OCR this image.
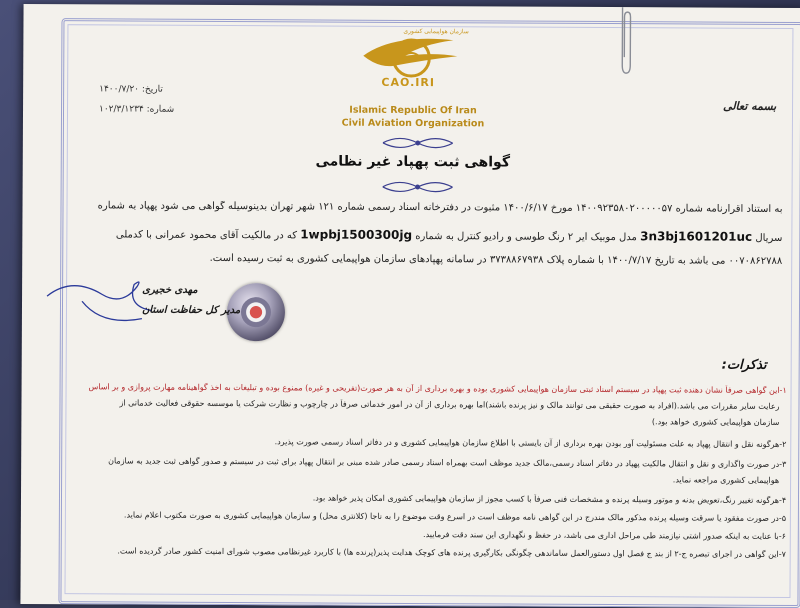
CAO.IRI
سازمان هواپیمایی کشوری
Islamic Republic Of Iran
Civil Aviation Organization
تاریخ: ۱۴۰۰/۷/۲۰
شماره: ۱۰۲/۳/۱۲۳۴	بسمه تعالی
گواهی ثبت پهپاد غیر نظامی
به استناد اقرارنامه شماره ۱۴۰۰۹۲۳۵۸۰۲۰۰۰۰۰۵۷ مورخ ۱۴۰۰/۶/۱۷ مثبوت در دفترخانه اسناد رسمی شماره ۱۲۱ شهر تهران بدینوسیله گواهی می شود پهپاد به شماره
سریال 3n3bj1601201uc مدل موبیک ایر ۲ رنگ طوسی و رادیو کنترل به شماره 1wpbj1500300jg که در مالکیت آقای محمود عمرانی با کدملی
۰۰۷۰۸۶۲۷۸۸ می باشد به تاریخ ۱۴۰۰/۷/۱۷ با شماره پلاک ۳۷۳۸۸۶۷۹۳۸ در سامانه پهپادهای سازمان هواپیمایی کشوری به ثبت رسیده است.
مهدی خجیری
مدیر کل حفاظت استان
تذکرات:
۱-این گواهی صرفاً نشان دهنده ثبت پهپاد در سیستم اسناد ثبتی سازمان هواپیمایی کشوری بوده و بهره برداری از آن به هر صورت(تفریحی و غیره) ممنوع بوده و تبلیغات به اخذ گواهینامه مهارت پروازی و بر اساس
رعایت سایر مقررات می باشد.(افراد به صورت حقیقی می توانند مالک و نیز پرنده باشند)اما بهره برداری از آن در امور خدماتی صرفاً در چارچوب و نظارت شرکت یا موسسه حقوقی فعالیت خدماتی از
سازمان هواپیمایی کشوری خواهد بود.)
۲-هرگونه نقل و انتقال پهپاد به علت مسئولیت آور بودن بهره برداری از آن بایستی با اطلاع سازمان هواپیمایی کشوری و در دفاتر اسناد رسمی صورت پذیرد.
۳-در صورت واگذاری و نقل و انتقال مالکیت پهپاد در دفاتر اسناد رسمی،مالک جدید موظف است بهمراه اسناد رسمی صادر شده مبنی بر انتقال پهپاد برای ثبت در سیستم و صدور گواهی ثبت جدید به سازمان
هواپیمایی کشوری مراجعه نماید.
۴-هرگونه تغییر رنگ،تعویض بدنه و موتور وسیله پرنده و مشخصات فنی صرفاً با کسب مجوز از سازمان هواپیمایی کشوری امکان پذیر خواهد بود.
۵-در صورت مفقود یا سرقت وسیله پرنده مذکور مالک مندرج در این گواهی نامه موظف است در اسرع وقت موضوع را به ناجا (کلانتری محل) و سازمان هواپیمایی کشوری به صورت مکتوب اعلام نماید.
۶-با عنایت به اینکه صدور اشتی نیازمند طی مراحل اداری می باشد، در حفظ و نگهداری این سند دقت فرمایید.
۷-این گواهی در اجرای تبصره ج-۲ از بند ج فصل اول دستورالعمل ساماندهی چگونگی بکارگیری پرنده های کوچک هدایت پذیر(پرنده ها) با کاربرد غیرنظامی مصوب شورای امنیت کشور صادر گردیده است.
